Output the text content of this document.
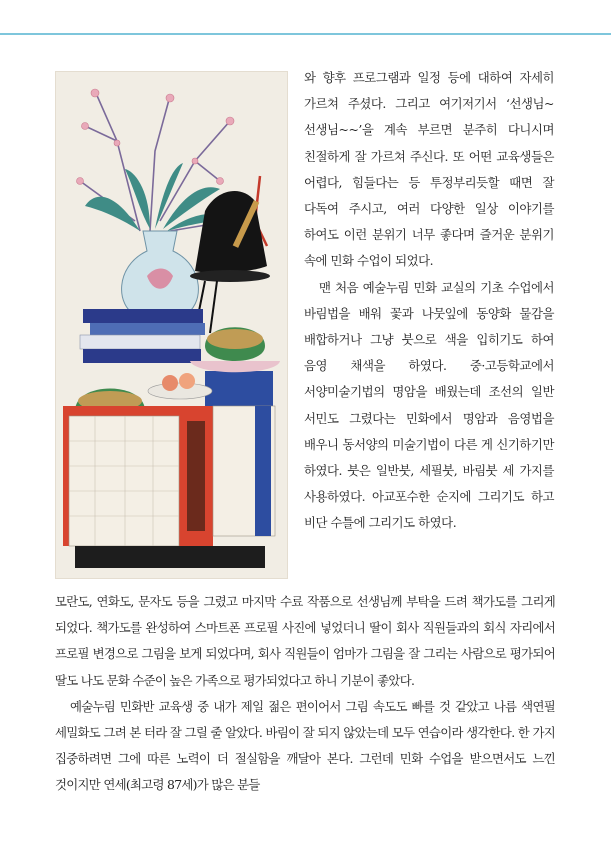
와 향후 프로그램과 일정 등에 대하여 자세히 가르쳐 주셨다. 그리고 여기저기서 ‘선생님~ 선생님~~’을 계속 부르면 분주히 다니시며 친절하게 잘 가르쳐 주신다. 또 어떤 교육생들은 어렵다, 힘들다는 등 투정부리듯할 때면 잘 다독여 주시고, 여러 다양한 일상 이야기를 하여도 이런 분위기 너무 좋다며 즐거운 분위기 속에 민화 수업이 되었다.

맨 처음 예술누림 민화 교실의 기초 수업에서 바림법을 배워 꽃과 나뭇잎에 동양화 물감을 배합하거나 그냥 붓으로 색을 입히기도 하여 음영 채색을 하였다. 중·고등학교에서 서양미술기법의 명암을 배웠는데 조선의 일반 서민도 그렸다는 민화에서 명암과 음영법을 배우니 동서양의 미술기법이 다른 게 신기하기만 하였다. 붓은 일반붓, 세필붓, 바림붓 세 가지를 사용하였다. 아교포수한 순지에 그리기도 하고 비단 수틀에 그리기도 하였다.

모란도, 연화도, 문자도 등을 그렸고 마지막 수료 작품으로 선생님께 부탁을 드려 책가도를 그리게 되었다. 책가도를 완성하여 스마트폰 프로필 사진에 넣었더니 딸이 회사 직원들과의 회식 자리에서 프로필 변경으로 그림을 보게 되었다며, 회사 직원들이 엄마가 그림을 잘 그리는 사람으로 평가되어 딸도 나도 문화 수준이 높은 가족으로 평가되었다고 하니 기분이 좋았다.

예술누림 민화반 교육생 중 내가 제일 젊은 편이어서 그림 속도도 빠를 것 같았고 나름 색연필 세밀화도 그려 본 터라 잘 그릴 줄 알았다. 바림이 잘 되지 않았는데 모두 연습이라 생각한다. 한 가지 집중하려면 그에 따른 노력이 더 절실함을 깨달아 본다. 그런데 민화 수업을 받으면서도 느낀 것이지만 연세(최고령 87세)가 많은 분들
